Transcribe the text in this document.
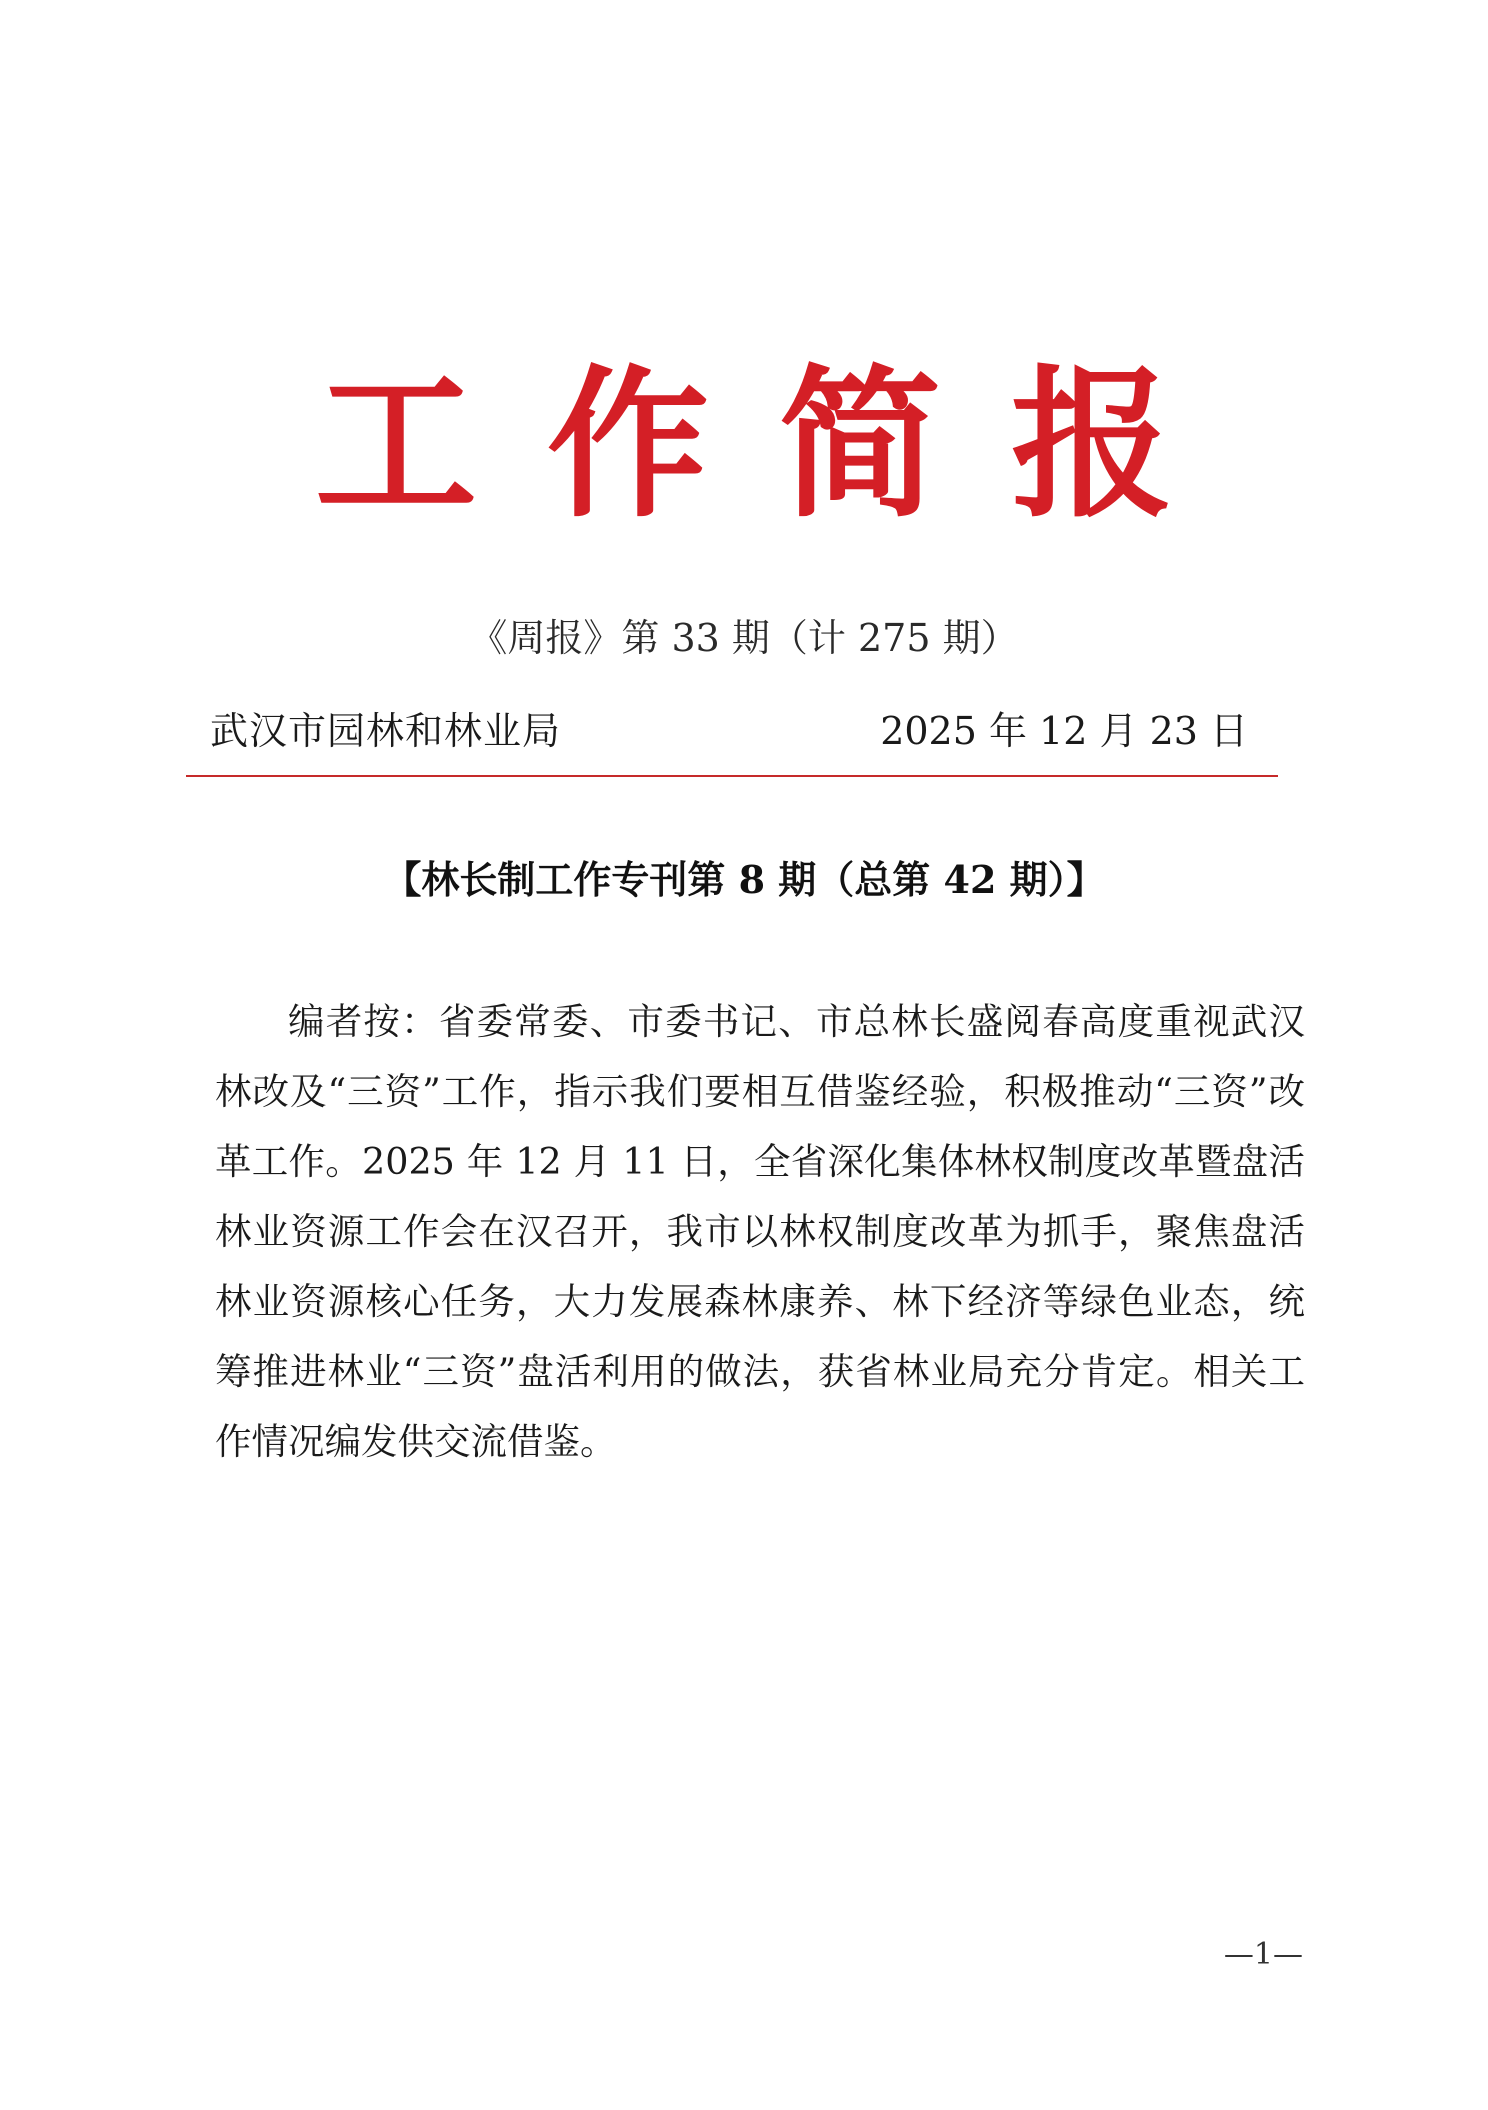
工作简报
《周报》第 33 期（计 275 期）
武汉市园林和林业局	2025 年 12 月 23 日
【林长制工作专刊第 8 期（总第 42 期）】
编者按：省委常委、市委书记、市总林长盛阅春高度重视武汉林改及“三资”工作，指示我们要相互借鉴经验，积极推动“三资”改革工作。2025 年 12 月 11 日，全省深化集体林权制度改革暨盘活林业资源工作会在汉召开，我市以林权制度改革为抓手，聚焦盘活林业资源核心任务，大力发展森林康养、林下经济等绿色业态，统筹推进林业“三资”盘活利用的做法，获省林业局充分肯定。相关工作情况编发供交流借鉴。
—1—
